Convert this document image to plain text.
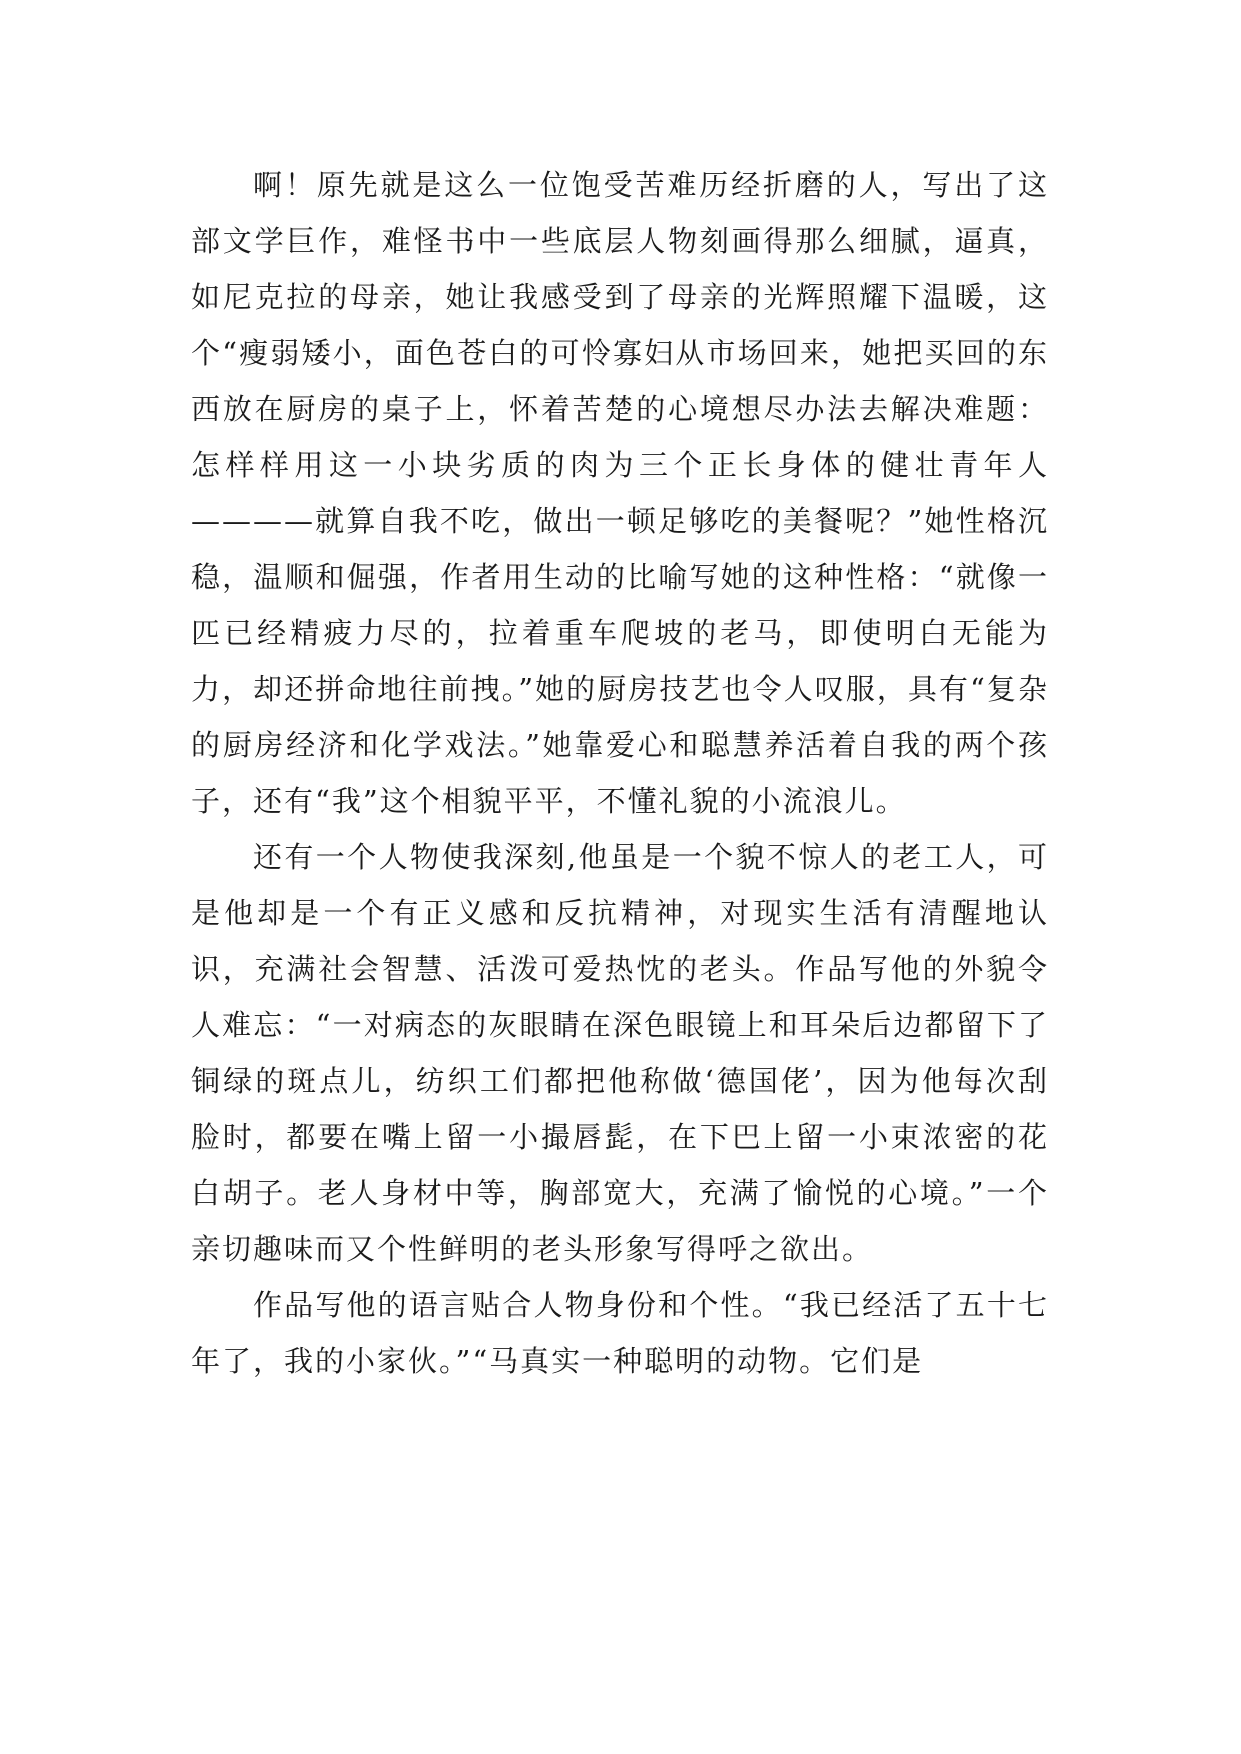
啊！原先就是这么一位饱受苦难历经折磨的人，写出了这部文学巨作，难怪书中一些底层人物刻画得那么细腻，逼真，如尼克拉的母亲，她让我感受到了母亲的光辉照耀下温暖，这个“瘦弱矮小，面色苍白的可怜寡妇从市场回来，她把买回的东西放在厨房的桌子上，怀着苦楚的心境想尽办法去解决难题：怎样样用这一小块劣质的肉为三个正长身体的健壮青年人————就算自我不吃，做出一顿足够吃的美餐呢？”她性格沉稳，温顺和倔强，作者用生动的比喻写她的这种性格：“就像一匹已经精疲力尽的，拉着重车爬坡的老马，即使明白无能为力，却还拼命地往前拽。”她的厨房技艺也令人叹服，具有“复杂的厨房经济和化学戏法。”她靠爱心和聪慧养活着自我的两个孩子，还有“我”这个相貌平平，不懂礼貌的小流浪儿。

还有一个人物使我深刻,他虽是一个貌不惊人的老工人，可是他却是一个有正义感和反抗精神，对现实生活有清醒地认识，充满社会智慧、活泼可爱热忱的老头。作品写他的外貌令人难忘：“一对病态的灰眼睛在深色眼镜上和耳朵后边都留下了铜绿的斑点儿，纺织工们都把他称做‘德国佬’，因为他每次刮脸时，都要在嘴上留一小撮唇髭，在下巴上留一小束浓密的花白胡子。老人身材中等，胸部宽大，充满了愉悦的心境。”一个亲切趣味而又个性鲜明的老头形象写得呼之欲出。

作品写他的语言贴合人物身份和个性。“我已经活了五十七年了，我的小家伙。”“马真实一种聪明的动物。它们是
